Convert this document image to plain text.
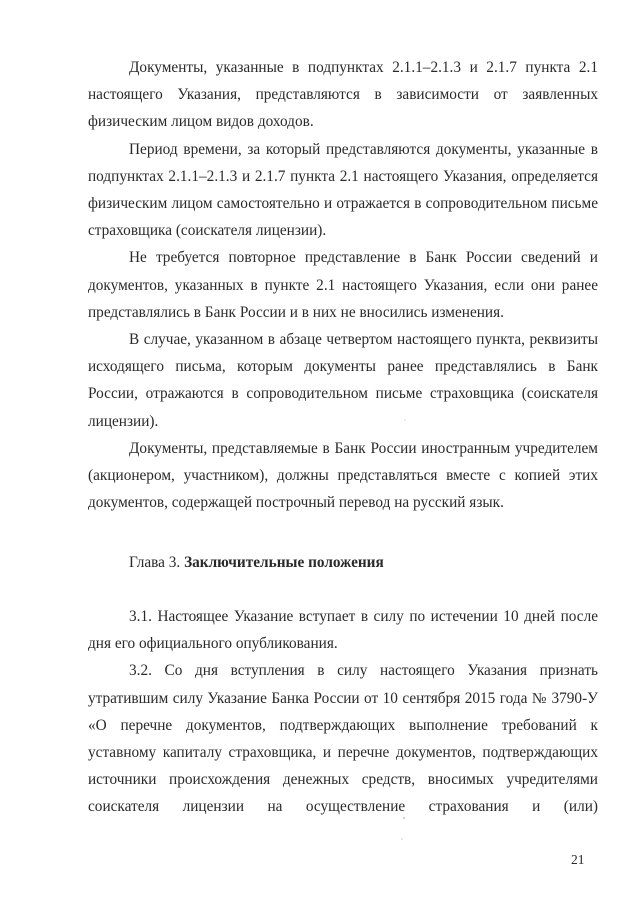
Документы, указанные в подпунктах 2.1.1–2.1.3 и 2.1.7 пункта 2.1 настоящего Указания, представляются в зависимости от заявленных физическим лицом видов доходов.

Период времени, за который представляются документы, указанные в подпунктах 2.1.1–2.1.3 и 2.1.7 пункта 2.1 настоящего Указания, определяется физическим лицом самостоятельно и отражается в сопроводительном письме страховщика (соискателя лицензии).

Не требуется повторное представление в Банк России сведений и документов, указанных в пункте 2.1 настоящего Указания, если они ранее представлялись в Банк России и в них не вносились изменения.

В случае, указанном в абзаце четвертом настоящего пункта, реквизиты исходящего письма, которым документы ранее представлялись в Банк России, отражаются в сопроводительном письме страховщика (соискателя лицензии).

Документы, представляемые в Банк России иностранным учредителем (акционером, участником), должны представляться вместе с копией этих документов, содержащей построчный перевод на русский язык.

Глава 3. Заключительные положения

3.1. Настоящее Указание вступает в силу по истечении 10 дней после дня его официального опубликования.

3.2. Со дня вступления в силу настоящего Указания признать утратившим силу Указание Банка России от 10 сентября 2015 года № 3790-У «О перечне документов, подтверждающих выполнение требований к уставному капиталу страховщика, и перечне документов, подтверждающих источники происхождения денежных средств, вносимых учредителями соискателя лицензии на осуществление страхования и (или)

21
